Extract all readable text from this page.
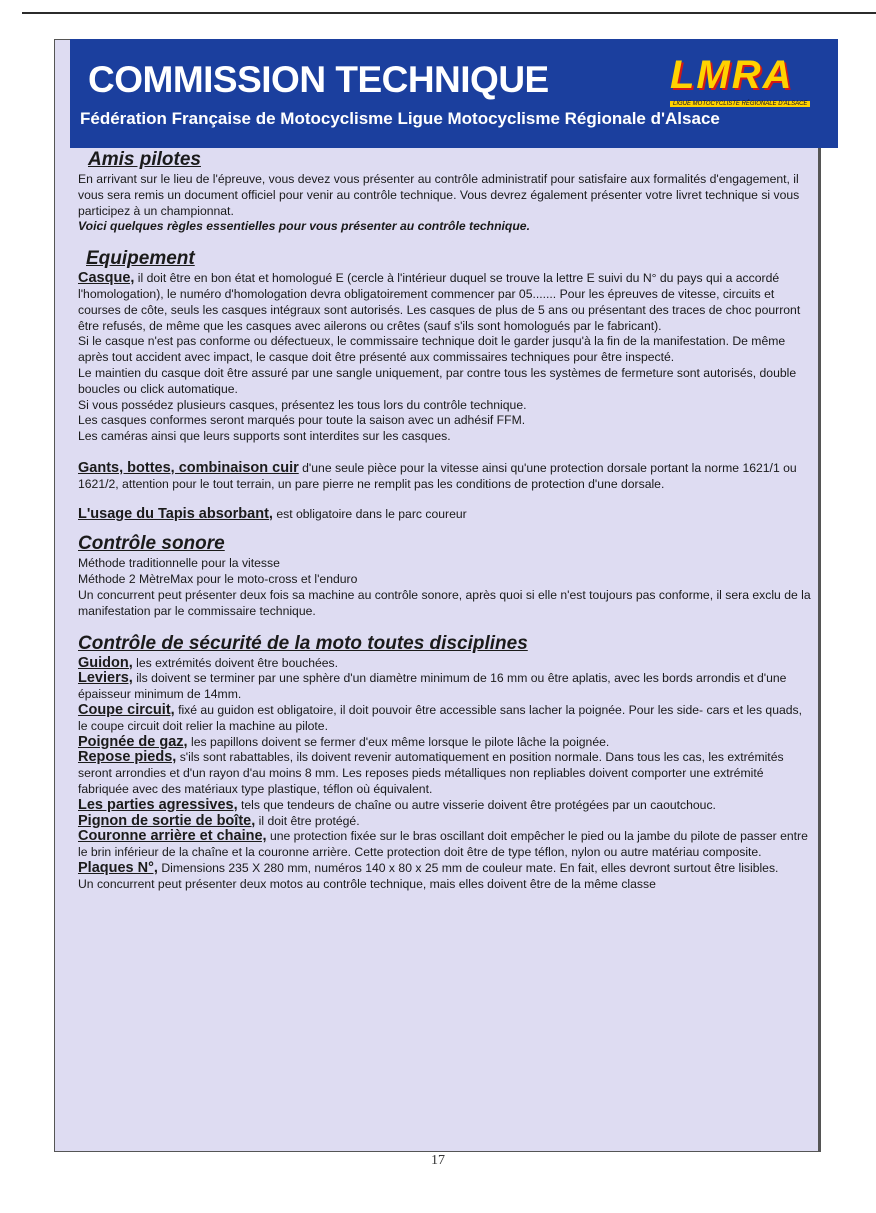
COMMISSION TECHNIQUE
Fédération Française de Motocyclisme Ligue Motocyclisme Régionale d'Alsace
LMRA
LIGUE MOTOCYCLISTE RÉGIONALE D'ALSACE
Amis pilotes

En arrivant sur le lieu de l'épreuve, vous devez vous présenter au contrôle administratif pour satisfaire aux formalités d'engagement, il vous sera remis un document officiel pour venir au contrôle technique. Vous devrez également présenter votre livret technique si vous participez à un championnat.

Voici quelques règles essentielles pour vous présenter au contrôle technique.

Equipement

Casque, il doit être en bon état et homologué E (cercle à l'intérieur duquel se trouve la lettre E suivi du N° du pays qui a accordé l'homologation), le numéro d'homologation devra obligatoirement commencer par 05....... Pour les épreuves de vitesse, circuits et courses de côte, seuls les casques intégraux sont autorisés. Les casques de plus de 5 ans ou présentant des traces de choc pourront être refusés, de même que les casques avec ailerons ou crêtes (sauf s'ils sont homologués par le fabricant).

Si le casque n'est pas conforme ou défectueux, le commissaire technique doit le garder jusqu'à la fin de la manifestation. De même après tout accident avec impact, le casque doit être présenté aux commissaires techniques pour être inspecté.

Le maintien du casque doit être assuré par une sangle uniquement, par contre tous les systèmes de fermeture sont autorisés, double boucles ou click automatique.

Si vous possédez plusieurs casques, présentez les tous lors du contrôle technique.

Les casques conformes seront marqués pour toute la saison avec un adhésif FFM.

Les caméras ainsi que leurs supports sont interdites sur les casques.

Gants, bottes, combinaison cuir d'une seule pièce pour la vitesse ainsi qu'une protection dorsale portant la norme 1621/1 ou 1621/2, attention pour le tout terrain, un pare pierre ne remplit pas les conditions de protection d'une dorsale.

L'usage du Tapis absorbant, est obligatoire dans le parc coureur

Contrôle sonore

Méthode traditionnelle pour la vitesse

Méthode 2 MètreMax pour le moto-cross et l'enduro

Un concurrent peut présenter deux fois sa machine au contrôle sonore, après quoi si elle n'est toujours pas conforme, il sera exclu de la manifestation par le commissaire technique.

Contrôle de sécurité de la moto toutes disciplines

Guidon, les extrémités doivent être bouchées.

Leviers, ils doivent se terminer par une sphère d'un diamètre minimum de 16 mm ou être aplatis, avec les bords arrondis et d'une épaisseur minimum de 14mm.

Coupe circuit, fixé au guidon est obligatoire, il doit pouvoir être accessible sans lacher la poignée. Pour les side- cars et les quads, le coupe circuit doit relier la machine au pilote.

Poignée de gaz, les papillons doivent se fermer d'eux même lorsque le pilote lâche la poignée.

Repose pieds, s'ils sont rabattables, ils doivent revenir automatiquement en position normale. Dans tous les cas, les extrémités seront arrondies et d'un rayon d'au moins 8 mm. Les reposes pieds métalliques non repliables doivent comporter une extrémité fabriquée avec des matériaux type plastique, téflon où équivalent.

Les parties agressives, tels que tendeurs de chaîne ou autre visserie doivent être protégées par un caoutchouc.

Pignon de sortie de boîte, il doit être protégé.

Couronne arrière et chaine, une protection fixée sur le bras oscillant doit empêcher le pied ou la jambe du pilote de passer entre le brin inférieur de la chaîne et la couronne arrière. Cette protection doit être de type téflon, nylon ou autre matériau composite.

Plaques N°, Dimensions 235 X 280 mm, numéros 140 x 80 x 25 mm de couleur mate. En fait, elles devront surtout être lisibles.

Un concurrent peut présenter deux motos au contrôle technique, mais elles doivent être de la même classe

17
